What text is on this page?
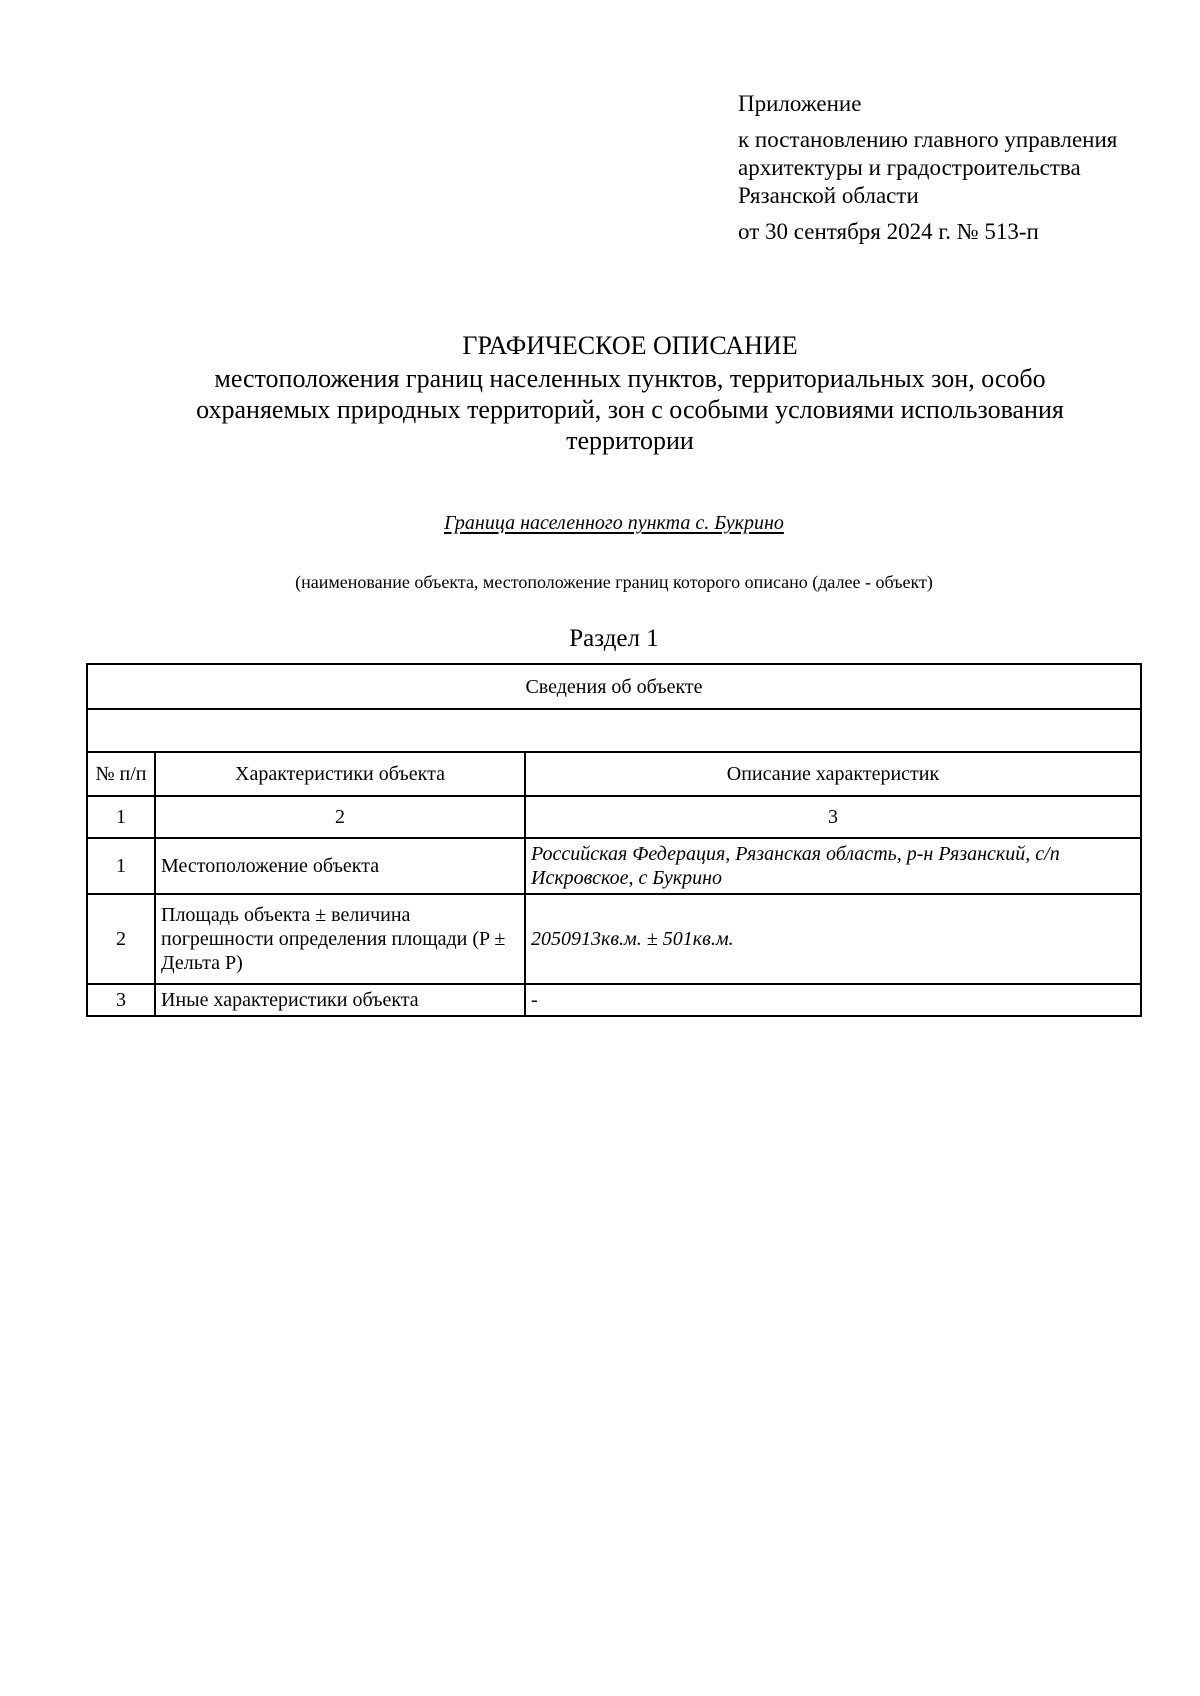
Приложение
к постановлению главного управления
архитектуры и градостроительства
Рязанской области
от 30 сентября 2024 г. № 513-п
ГРАФИЧЕСКОЕ ОПИСАНИЕ
местоположения границ населенных пунктов, территориальных зон, особо
охраняемых природных территорий, зон с особыми условиями использования
территории
Граница населенного пункта с. Букрино
(наименование объекта, местоположение границ которого описано (далее - объект)
Раздел 1
Сведения об объекте		

№ п/п	Характеристики объекта	Описание характеристик
1	2	3
1	Местоположение объекта	Российская Федерация, Рязанская область, р-н Рязанский, с/п Искровское, с Букрино
2	Площадь объекта ± величина погрешности определения площади (P ± Дельта P)	2050913кв.м. ± 501кв.м.
3	Иные характеристики объекта	-
